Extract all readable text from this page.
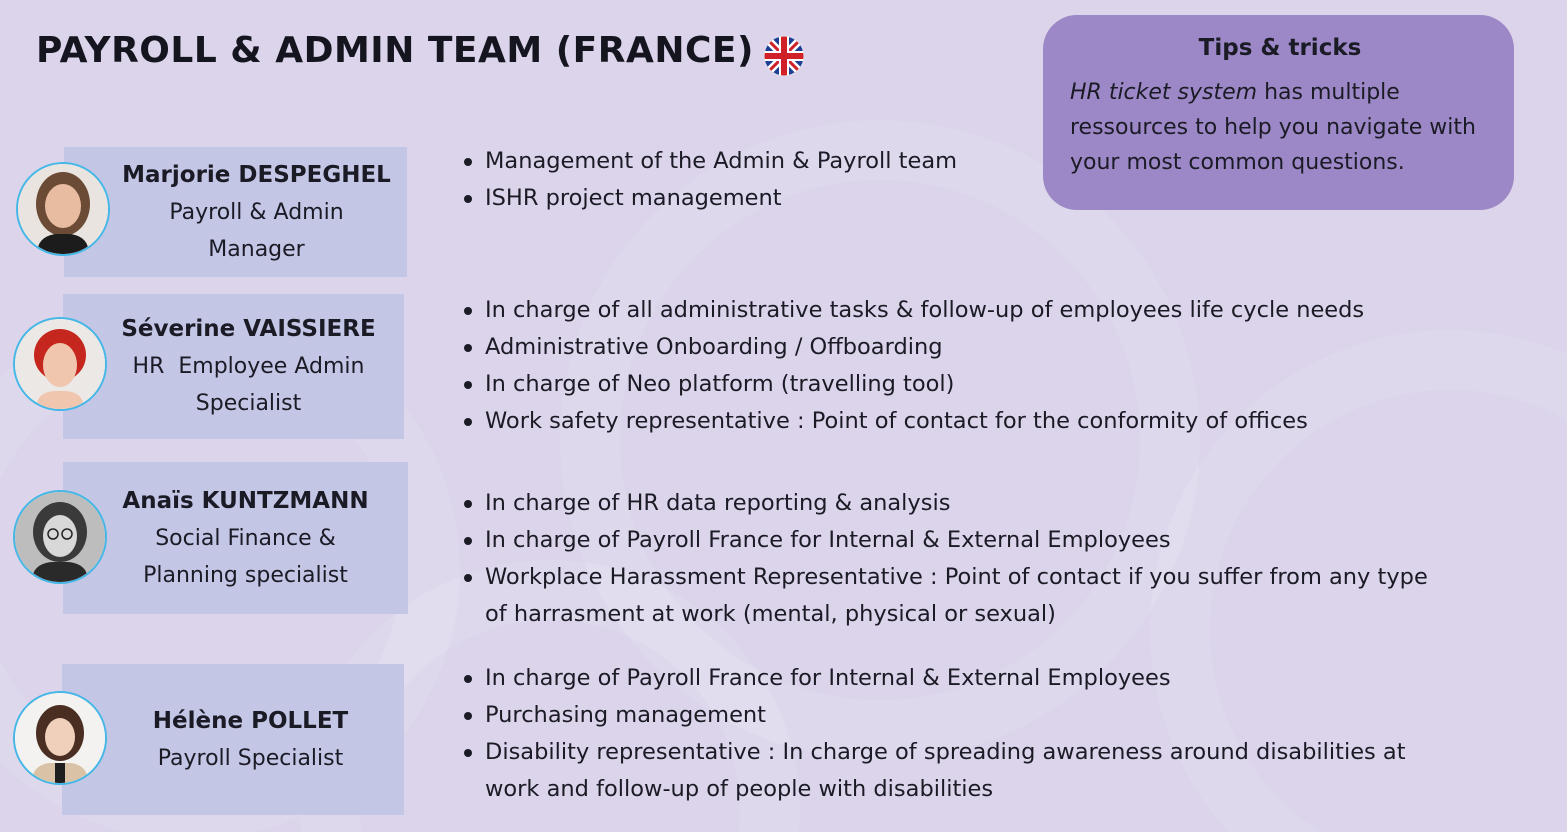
PAYROLL & ADMIN TEAM (FRANCE)	Tips & tricks
HR ticket system has multiple ressources to help you navigate with your most common questions.
Marjorie DESPEGHEL
Payroll & Admin
Manager
Management of the Admin & Payroll team
ISHR project management
Séverine VAISSIERE
HR  Employee Admin
Specialist
In charge of all administrative tasks & follow-up of employees life cycle needs
Administrative Onboarding / Offboarding
In charge of Neo platform (travelling tool)
Work safety representative : Point of contact for the conformity of offices
Anaïs KUNTZMANN
Social Finance &
Planning specialist
In charge of HR data reporting & analysis
In charge of Payroll France for Internal & External Employees
Workplace Harassment Representative : Point of contact if you suffer from any type
of harrasment at work (mental, physical or sexual)
Hélène POLLET
Payroll Specialist
In charge of Payroll France for Internal & External Employees
Purchasing management
Disability representative : In charge of spreading awareness around disabilities at
work and follow-up of people with disabilities
